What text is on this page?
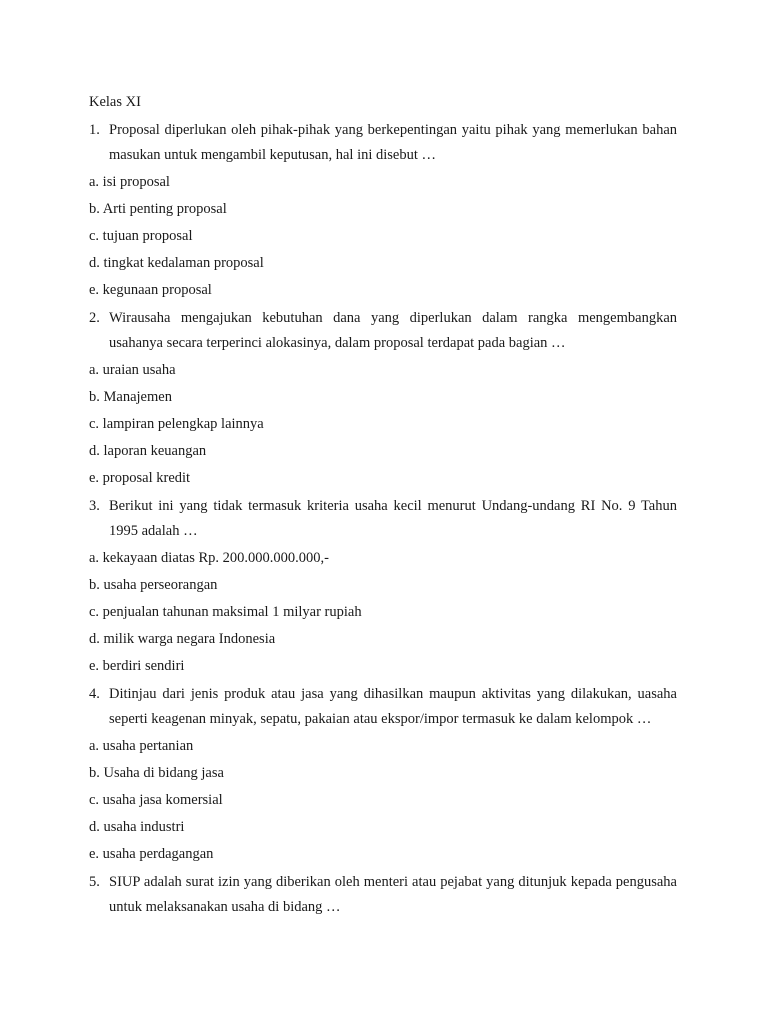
Kelas XI
1. Proposal diperlukan oleh pihak-pihak yang berkepentingan yaitu pihak yang memerlukan bahan masukan untuk mengambil keputusan, hal ini disebut …
a. isi proposal
b. Arti penting proposal
c. tujuan proposal
d. tingkat kedalaman proposal
e. kegunaan proposal
2. Wirausaha mengajukan kebutuhan dana yang diperlukan dalam rangka mengembangkan usahanya secara terperinci alokasinya, dalam proposal terdapat pada bagian …
a. uraian usaha
b. Manajemen
c. lampiran pelengkap lainnya
d. laporan keuangan
e. proposal kredit
3. Berikut ini yang tidak termasuk kriteria usaha kecil menurut Undang-undang RI No. 9 Tahun 1995 adalah …
a. kekayaan diatas Rp. 200.000.000.000,-
b. usaha perseorangan
c. penjualan tahunan maksimal 1 milyar rupiah
d. milik warga negara Indonesia
e. berdiri sendiri
4. Ditinjau dari jenis produk atau jasa yang dihasilkan maupun aktivitas yang dilakukan, uasaha seperti keagenan minyak, sepatu, pakaian atau ekspor/impor termasuk ke dalam kelompok …
a. usaha pertanian
b. Usaha di bidang jasa
c. usaha jasa komersial
d. usaha industri
e. usaha perdagangan
5. SIUP adalah surat izin yang diberikan oleh menteri atau pejabat yang ditunjuk kepada pengusaha untuk melaksanakan usaha di bidang …
